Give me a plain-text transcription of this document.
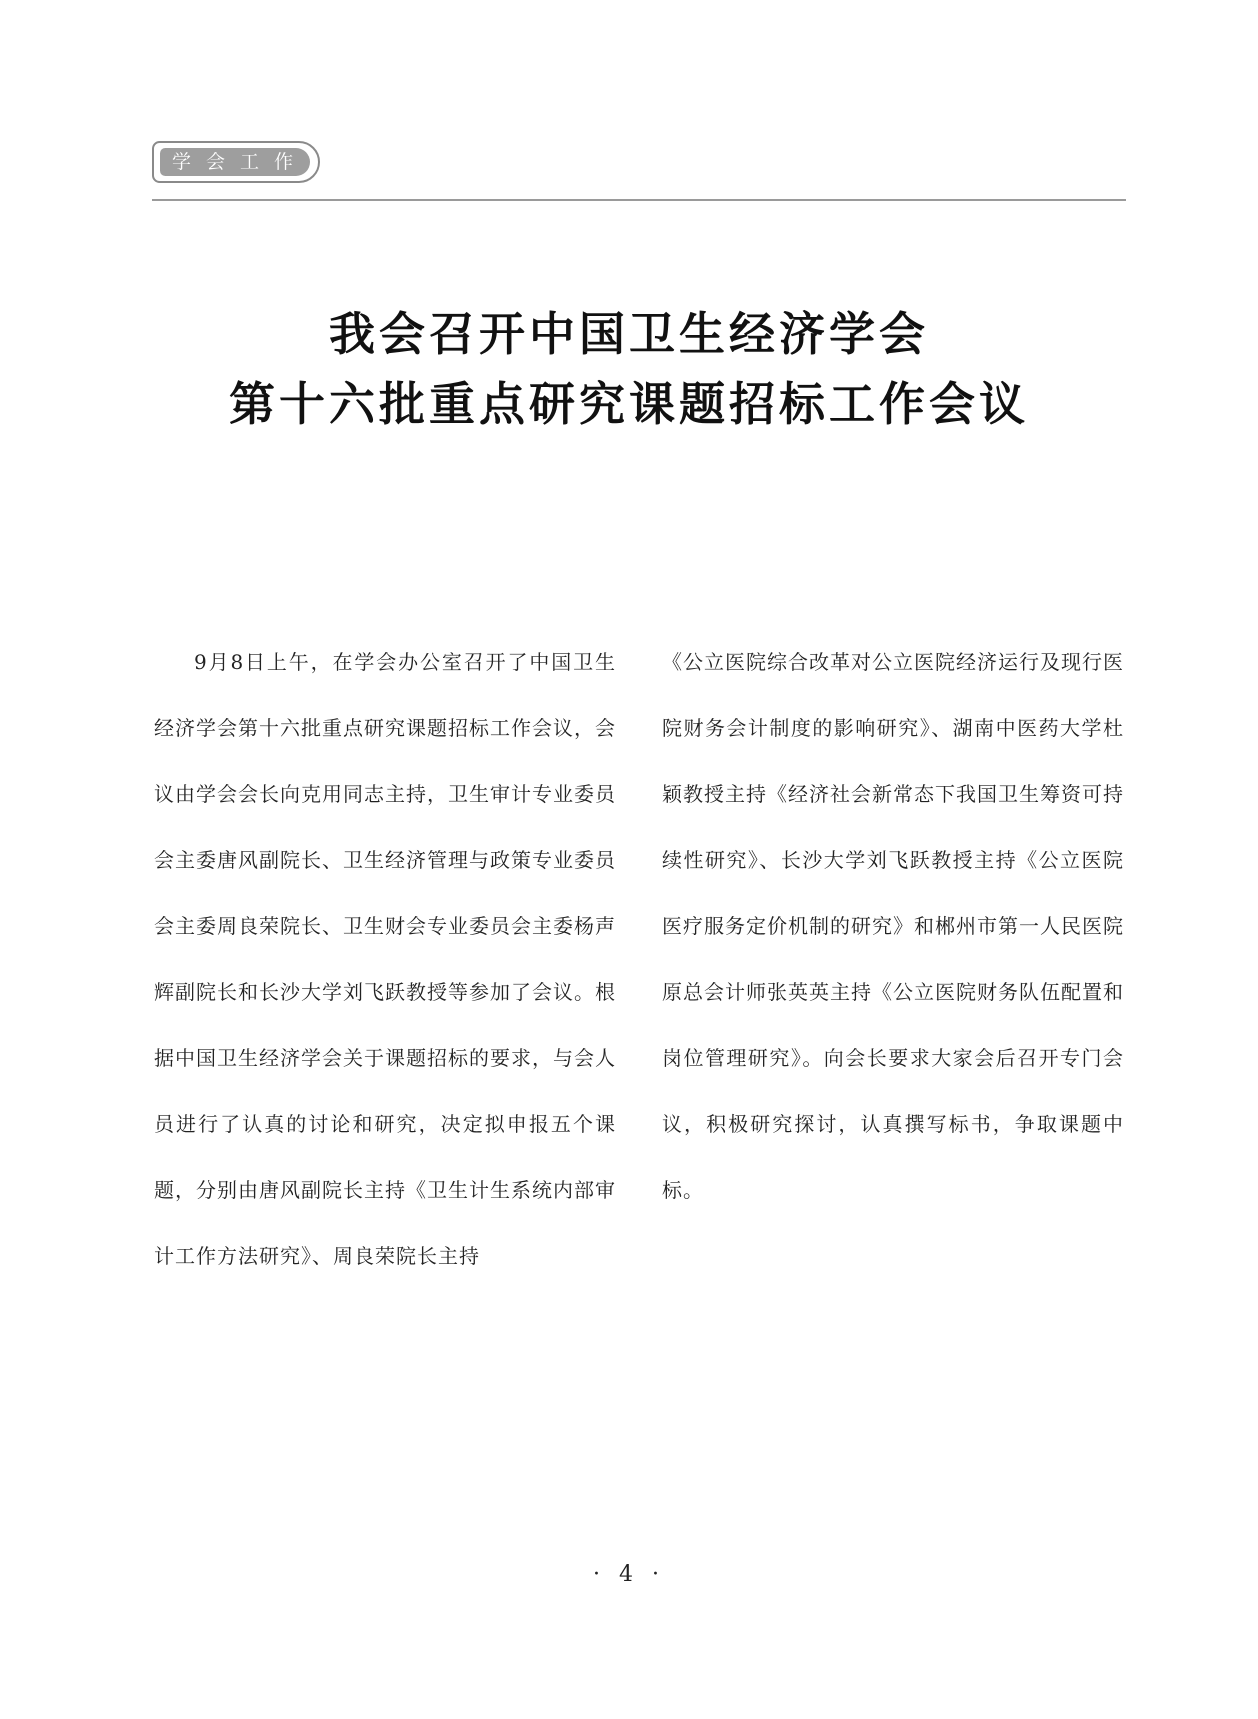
学会工作
我会召开中国卫生经济学会
第十六批重点研究课题招标工作会议

9月8日上午，在学会办公室召开了中国卫生经济学会第十六批重点研究课题招标工作会议，会议由学会会长向克用同志主持，卫生审计专业委员会主委唐风副院长、卫生经济管理与政策专业委员会主委周良荣院长、卫生财会专业委员会主委杨声辉副院长和长沙大学刘飞跃教授等参加了会议。根据中国卫生经济学会关于课题招标的要求，与会人员进行了认真的讨论和研究，决定拟申报五个课题，分别由唐风副院长主持《卫生计生系统内部审计工作方法研究》、周良荣院长主持

《公立医院综合改革对公立医院经济运行及现行医院财务会计制度的影响研究》、湖南中医药大学杜颖教授主持《经济社会新常态下我国卫生筹资可持续性研究》、长沙大学刘飞跃教授主持《公立医院医疗服务定价机制的研究》和郴州市第一人民医院原总会计师张英英主持《公立医院财务队伍配置和岗位管理研究》。向会长要求大家会后召开专门会议，积极研究探讨，认真撰写标书，争取课题中标。

· 4 ·
